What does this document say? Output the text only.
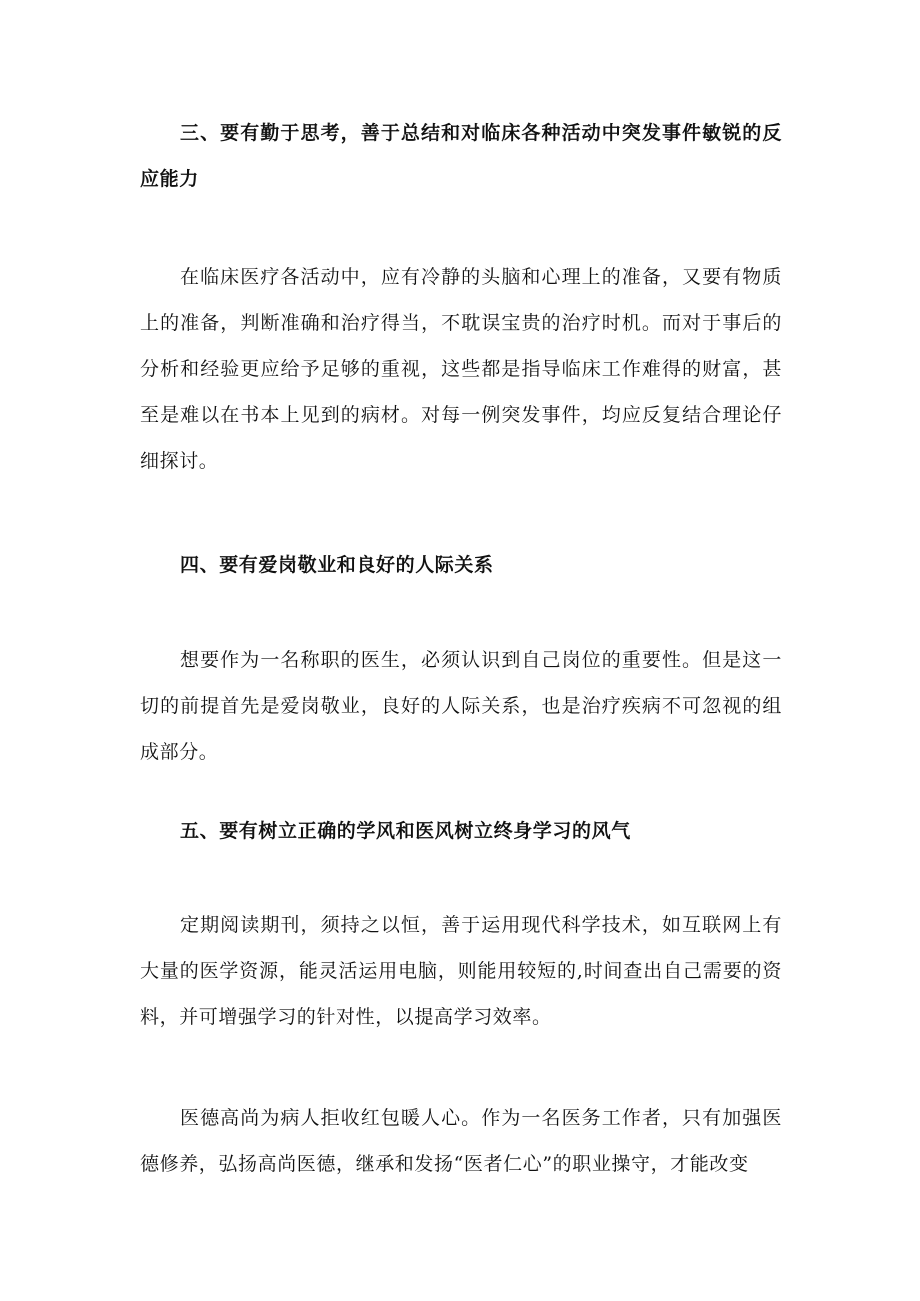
三、要有勤于思考，善于总结和对临床各种活动中突发事件敏锐的反应能力

在临床医疗各活动中，应有冷静的头脑和心理上的准备，又要有物质上的准备，判断准确和治疗得当，不耽误宝贵的治疗时机。而对于事后的分析和经验更应给予足够的重视，这些都是指导临床工作难得的财富，甚至是难以在书本上见到的病材。对每一例突发事件，均应反复结合理论仔细探讨。

四、要有爱岗敬业和良好的人际关系

想要作为一名称职的医生，必须认识到自己岗位的重要性。但是这一切的前提首先是爱岗敬业，良好的人际关系，也是治疗疾病不可忽视的组成部分。

五、要有树立正确的学风和医风树立终身学习的风气

定期阅读期刊，须持之以恒，善于运用现代科学技术，如互联网上有大量的医学资源，能灵活运用电脑，则能用较短的,时间查出自己需要的资料，并可增强学习的针对性，以提高学习效率。

医德高尚为病人拒收红包暖人心。作为一名医务工作者，只有加强医德修养，弘扬高尚医德，继承和发扬“医者仁心”的职业操守，才能改变
